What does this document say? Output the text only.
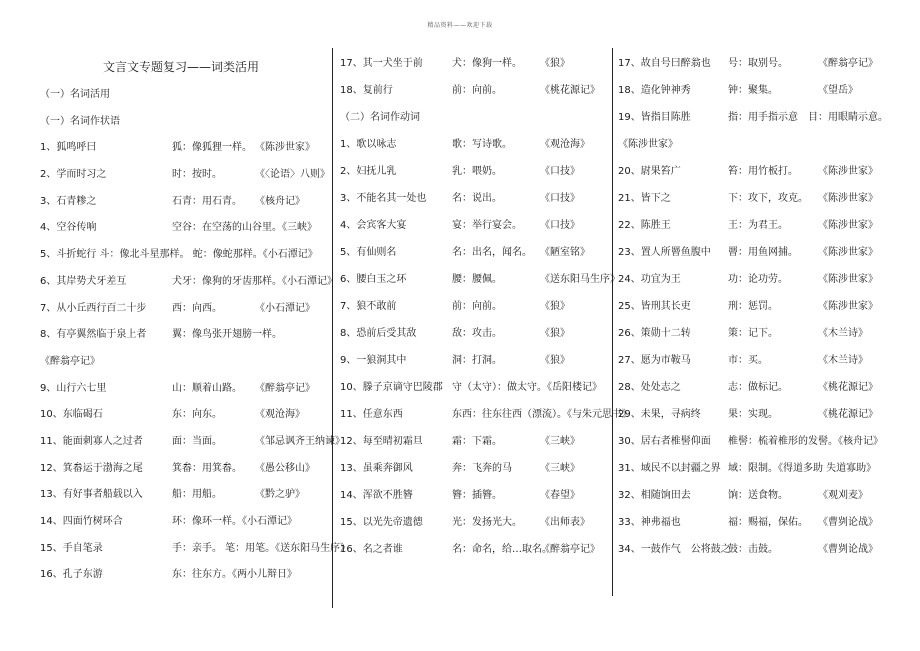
精品资料——欢迎下载
文言文专题复习——词类活用
（一）名词活用
（一）名词作状语
1、狐鸣呼曰	狐：像狐狸一样。 《陈涉世家》
2、学而时习之	时：按时。	《〈论语〉八则》
3、石青糁之	石青：用石青。 《核舟记》
4、空谷传响	空谷：在空荡的山谷里。《三峡》
5、斗折蛇行 斗：像北斗星那样。 蛇：像蛇那样。《小石潭记》
6、其岸势犬牙差互	犬牙：像狗的牙齿那样。《小石潭记》
7、从小丘西行百二十步	西：向西。	《小石潭记》
8、有亭翼然临于泉上者	翼：像鸟张开翅膀一样。
《醉翁亭记》
9、山行六七里	山：顺着山路。 《醉翁亭记》
10、东临碣石	东：向东。	《观沧海》
11、能面刺寡人之过者	面：当面。	《邹忌讽齐王纳谏》
12、箕畚运于渤海之尾	箕畚：用箕畚。 《愚公移山》
13、有好事者船载以入	船：用船。	《黔之驴》
14、四面竹树环合	环：像环一样。《小石潭记》
15、手自笔录	手：亲手。 笔：用笔。《送东阳马生序》
16、孔子东游	东：往东方。《两小儿辩日》
17、其一犬坐于前	犬：像狗一样。 《狼》
18、复前行	前：向前。	《桃花源记》
（二）名词作动词
1、歌以咏志	歌：写诗歌。	《观沧海》
2、妇抚儿乳	乳：喂奶。	《口技》
3、不能名其一处也	名：说出。	《口技》
4、会宾客大宴	宴：举行宴会。 《口技》
5、有仙则名	名：出名，闻名。 《陋室铭》
6、腰白玉之环	腰：腰佩。	《送东阳马生序》
7、狼不敢前	前：向前。	《狼》
8、恐前后受其敌	敌：攻击。	《狼》
9、一狼洞其中	洞：打洞。	《狼》
10、滕子京谪守巴陵郡 守（太守）：做太守。《岳阳楼记》
11、任意东西	东西：往东往西（漂流）。《与朱元思书》
12、每至晴初霜旦	霜：下霜。	《三峡》
13、虽乘奔御风	奔：飞奔的马	《三峡》
14、浑欲不胜簪	簪：插簪。	《春望》
15、以光先帝遗德	光：发扬光大。 《出师表》
16、名之者谁	名：命名，给…取名。
《醉翁亭记》
17、故自号曰醉翁也 号：取别号。	《醉翁亭记》
18、造化钟神秀	钟：聚集。	《望岳》
19、皆指目陈胜	指：用手指示意　目：用眼睛示意。
《陈涉世家》
20、尉果笞广	笞：用竹板打。 《陈涉世家》
21、皆下之	下：攻下，攻克。 《陈涉世家》
22、陈胜王	王：为君王。	《陈涉世家》
23、置人所罾鱼腹中 罾：用鱼网捕。 《陈涉世家》
24、功宜为王	功：论功劳。	《陈涉世家》
25、皆刑其长吏	刑：惩罚。	《陈涉世家》
26、策勋十二转	策：记下。	《木兰诗》
27、愿为市鞍马	市：买。	《木兰诗》
28、处处志之	志：做标记。	《桃花源记》
29、未果，寻病终	果：实现。	《桃花源记》
30、居右者椎髻仰面 椎髻：梳着椎形的发髻。《核舟记》
31、域民不以封疆之界 域：限制。《得道多助 失道寡助》
32、相随饷田去	饷：送食物。	《观刈麦》
33、神弗福也	福：赐福，保佑。 《曹刿论战》
34、一鼓作气　公将鼓之
鼓：击鼓。	《曹刿论战》
